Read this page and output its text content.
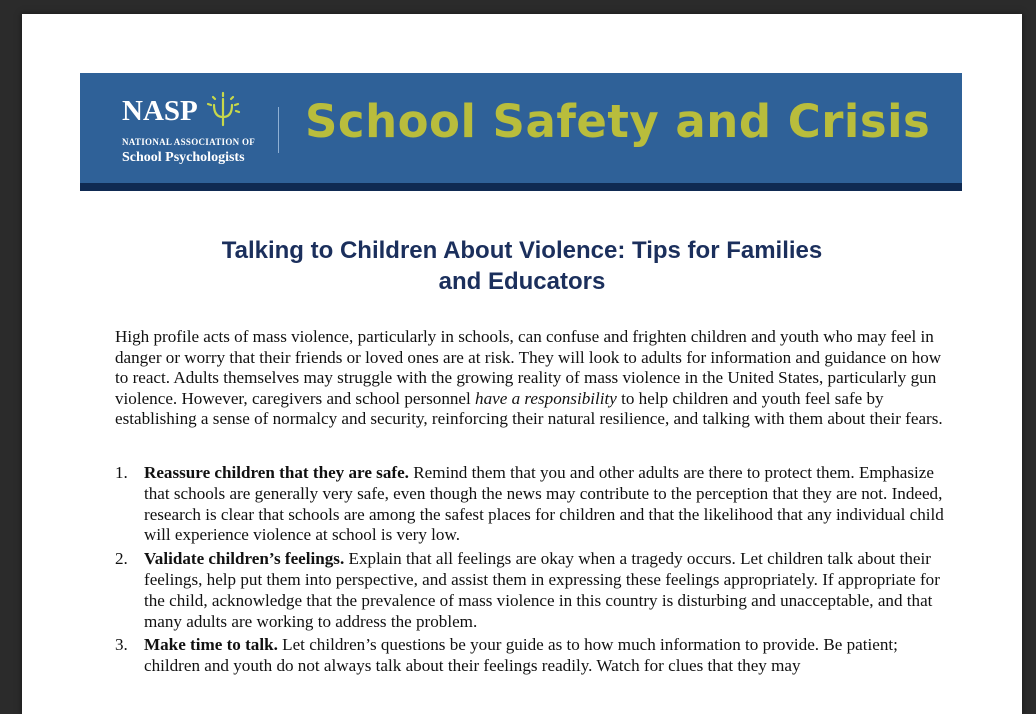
NASP
NATIONAL ASSOCIATION OF
School Psychologists
School Safety and Crisis
Talking to Children About Violence: Tips for Families
and Educators

High profile acts of mass violence, particularly in schools, can confuse and frighten children and youth who may feel in danger or worry that their friends or loved ones are at risk. They will look to adults for information and guidance on how to react. Adults themselves may struggle with the growing reality of mass violence in the United States, particularly gun violence. However, caregivers and school personnel have a responsibility to help children and youth feel safe by establishing a sense of normalcy and security, reinforcing their natural resilience, and talking with them about their fears.

1. Reassure children that they are safe. Remind them that you and other adults are there to protect them. Emphasize that schools are generally very safe, even though the news may contribute to the perception that they are not. Indeed, research is clear that schools are among the safest places for children and that the likelihood that any individual child will experience violence at school is very low.
2. Validate children’s feelings. Explain that all feelings are okay when a tragedy occurs. Let children talk about their feelings, help put them into perspective, and assist them in expressing these feelings appropriately. If appropriate for the child, acknowledge that the prevalence of mass violence in this country is disturbing and unacceptable, and that many adults are working to address the problem.
3. Make time to talk. Let children’s questions be your guide as to how much information to provide. Be patient; children and youth do not always talk about their feelings readily. Watch for clues that they may
